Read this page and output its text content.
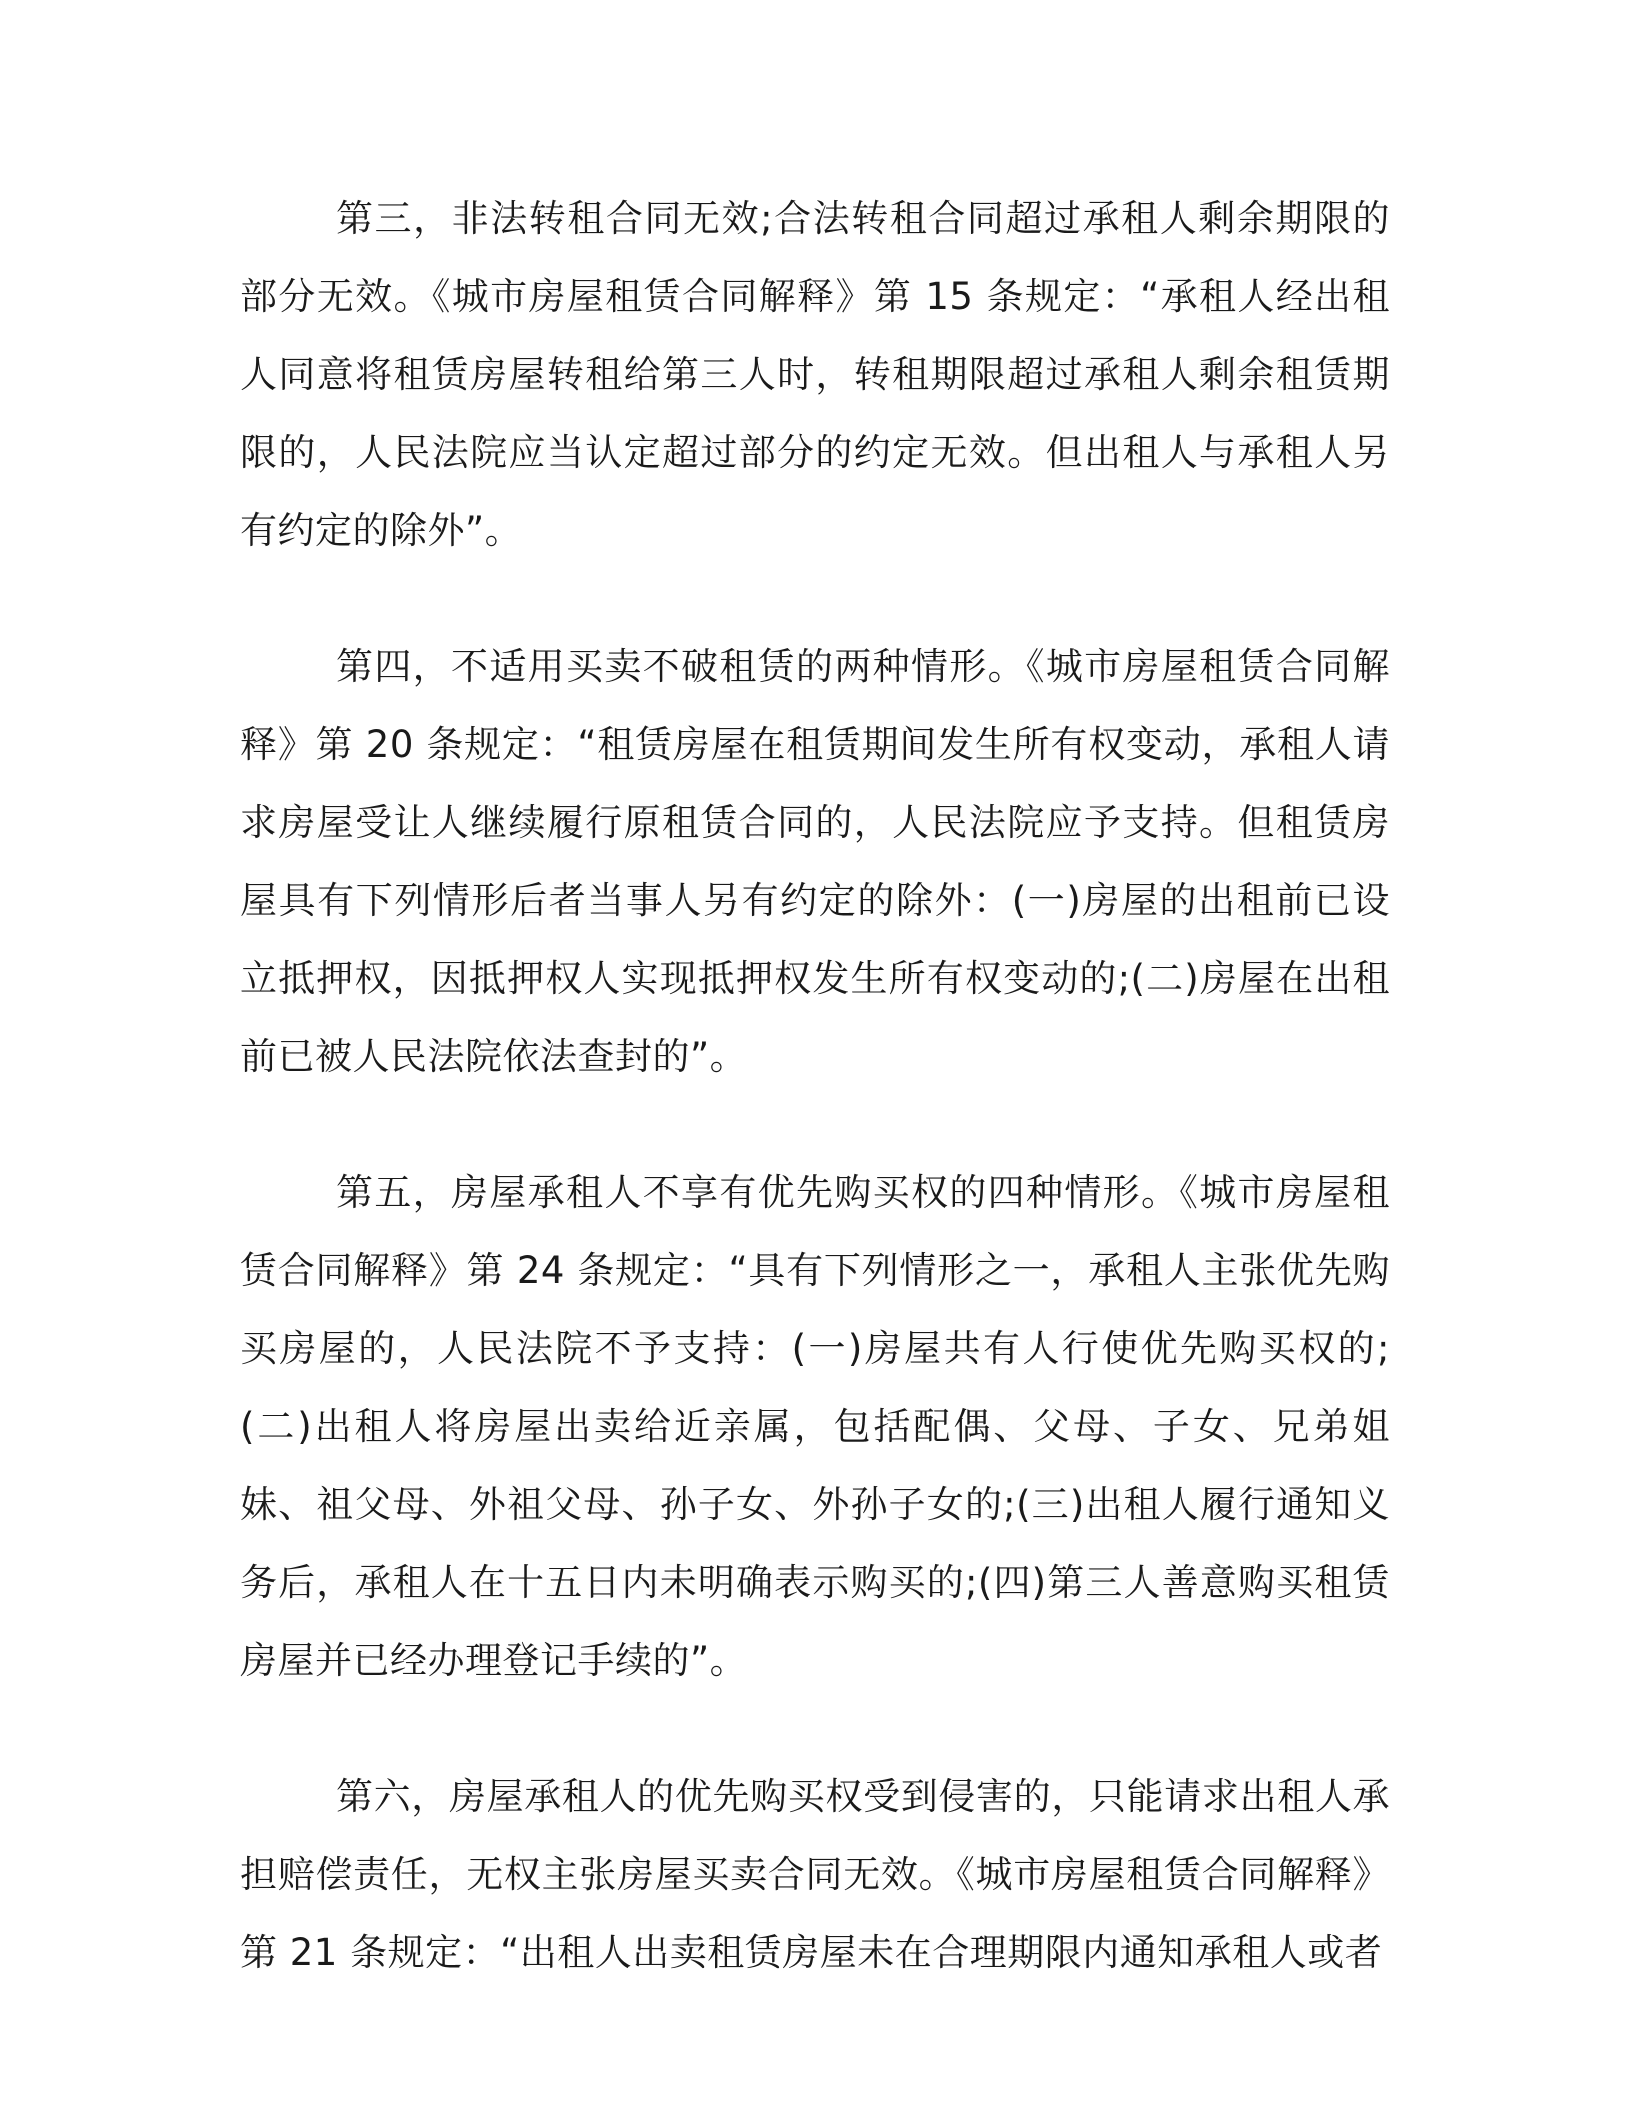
第三，非法转租合同无效;合法转租合同超过承租人剩余期限的部分无效。《城市房屋租赁合同解释》第 15 条规定：“承租人经出租人同意将租赁房屋转租给第三人时，转租期限超过承租人剩余租赁期限的，人民法院应当认定超过部分的约定无效。但出租人与承租人另有约定的除外”。

第四，不适用买卖不破租赁的两种情形。《城市房屋租赁合同解释》第 20 条规定：“租赁房屋在租赁期间发生所有权变动，承租人请求房屋受让人继续履行原租赁合同的，人民法院应予支持。但租赁房屋具有下列情形后者当事人另有约定的除外：(一)房屋的出租前已设立抵押权，因抵押权人实现抵押权发生所有权变动的;(二)房屋在出租前已被人民法院依法查封的”。

第五，房屋承租人不享有优先购买权的四种情形。《城市房屋租赁合同解释》第 24 条规定：“具有下列情形之一，承租人主张优先购买房屋的，人民法院不予支持：(一)房屋共有人行使优先购买权的;(二)出租人将房屋出卖给近亲属，包括配偶、父母、子女、兄弟姐妹、祖父母、外祖父母、孙子女、外孙子女的;(三)出租人履行通知义务后，承租人在十五日内未明确表示购买的;(四)第三人善意购买租赁房屋并已经办理登记手续的”。

第六，房屋承租人的优先购买权受到侵害的，只能请求出租人承担赔偿责任，无权主张房屋买卖合同无效。《城市房屋租赁合同解释》第 21 条规定：“出租人出卖租赁房屋未在合理期限内通知承租人或者
